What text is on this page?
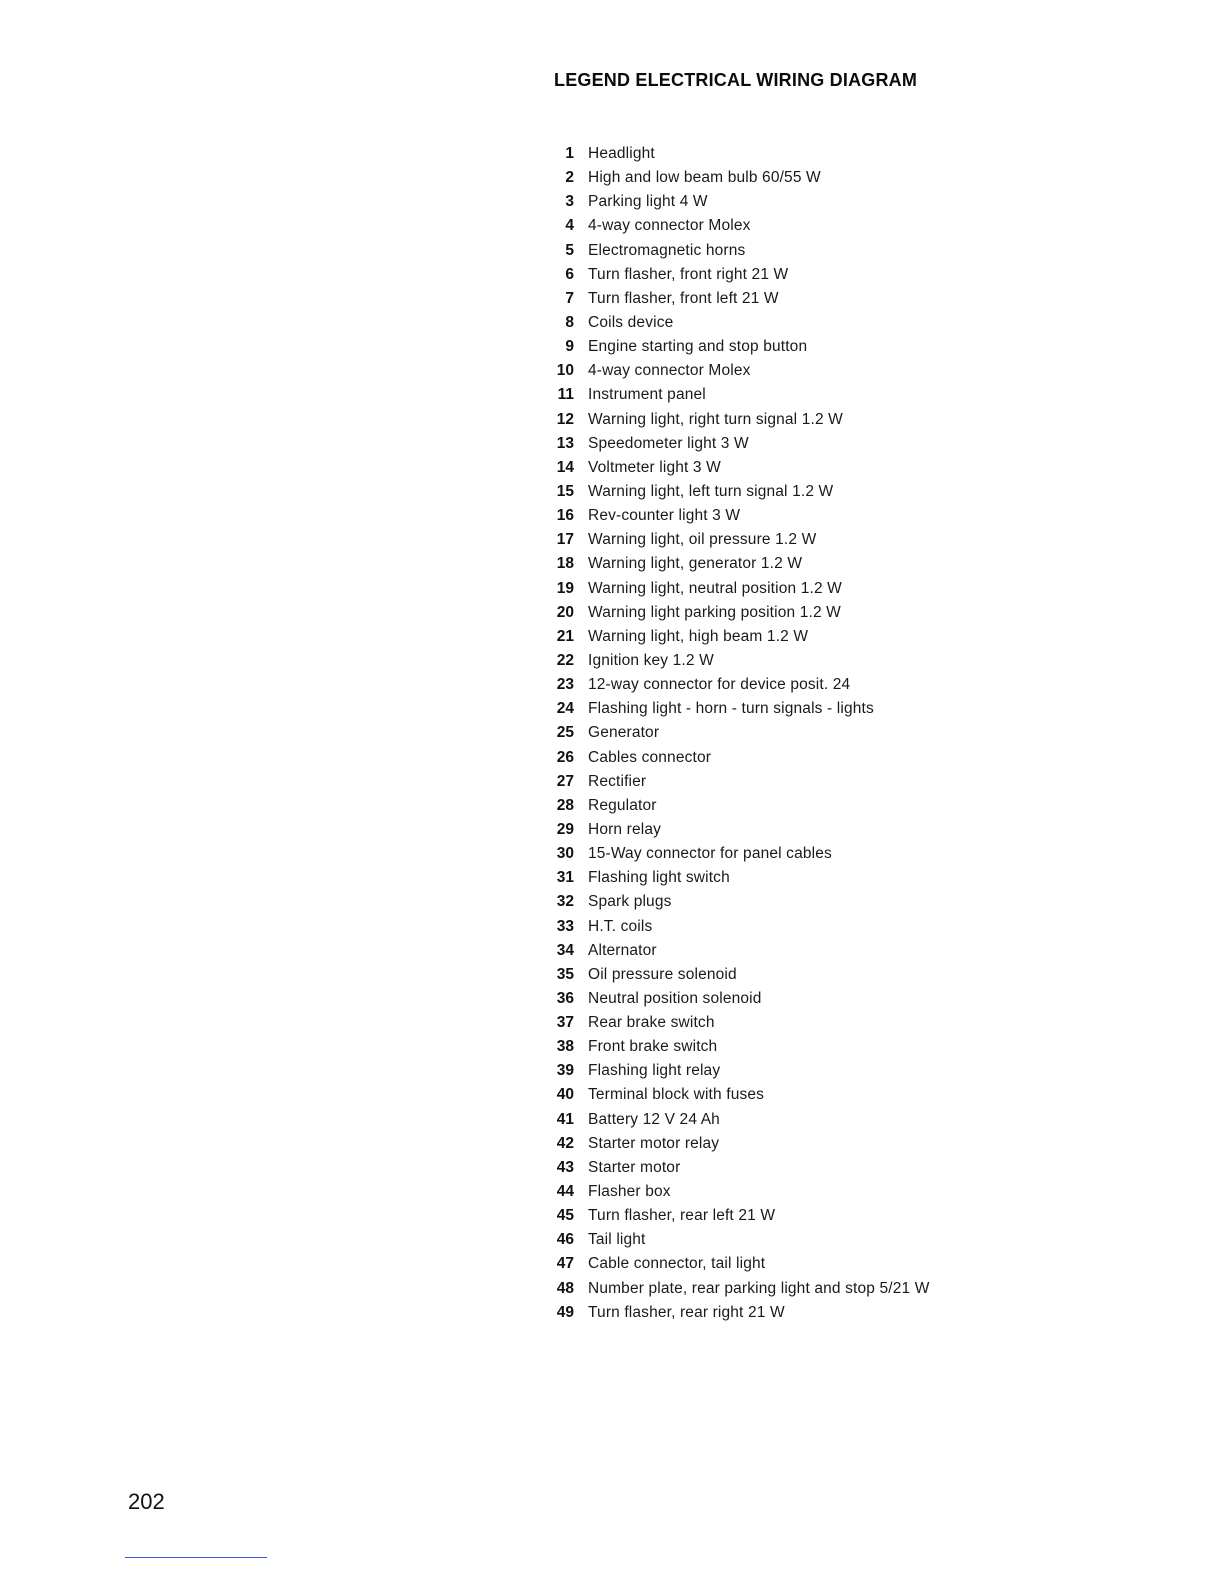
LEGEND ELECTRICAL WIRING DIAGRAM
1 Headlight
2 High and low beam bulb 60/55 W
3 Parking light 4 W
4 4-way connector Molex
5 Electromagnetic horns
6 Turn flasher, front right 21 W
7 Turn flasher, front left 21 W
8 Coils device
9 Engine starting and stop button
10 4-way connector Molex
11 Instrument panel
12 Warning light, right turn signal 1.2 W
13 Speedometer light 3 W
14 Voltmeter light 3 W
15 Warning light, left turn signal 1.2 W
16 Rev-counter light 3 W
17 Warning light, oil pressure 1.2 W
18 Warning light, generator 1.2 W
19 Warning light, neutral position 1.2 W
20 Warning light parking position 1.2 W
21 Warning light, high beam 1.2 W
22 Ignition key 1.2 W
23 12-way connector for device posit. 24
24 Flashing light - horn - turn signals - lights
25 Generator
26 Cables connector
27 Rectifier
28 Regulator
29 Horn relay
30 15-Way connector for panel cables
31 Flashing light switch
32 Spark plugs
33 H.T. coils
34 Alternator
35 Oil pressure solenoid
36 Neutral position solenoid
37 Rear brake switch
38 Front brake switch
39 Flashing light relay
40 Terminal block with fuses
41 Battery 12 V 24 Ah
42 Starter motor relay
43 Starter motor
44 Flasher box
45 Turn flasher, rear left 21 W
46 Tail light
47 Cable connector, tail light
48 Number plate, rear parking light and stop 5/21 W
49 Turn flasher, rear right 21 W
202
